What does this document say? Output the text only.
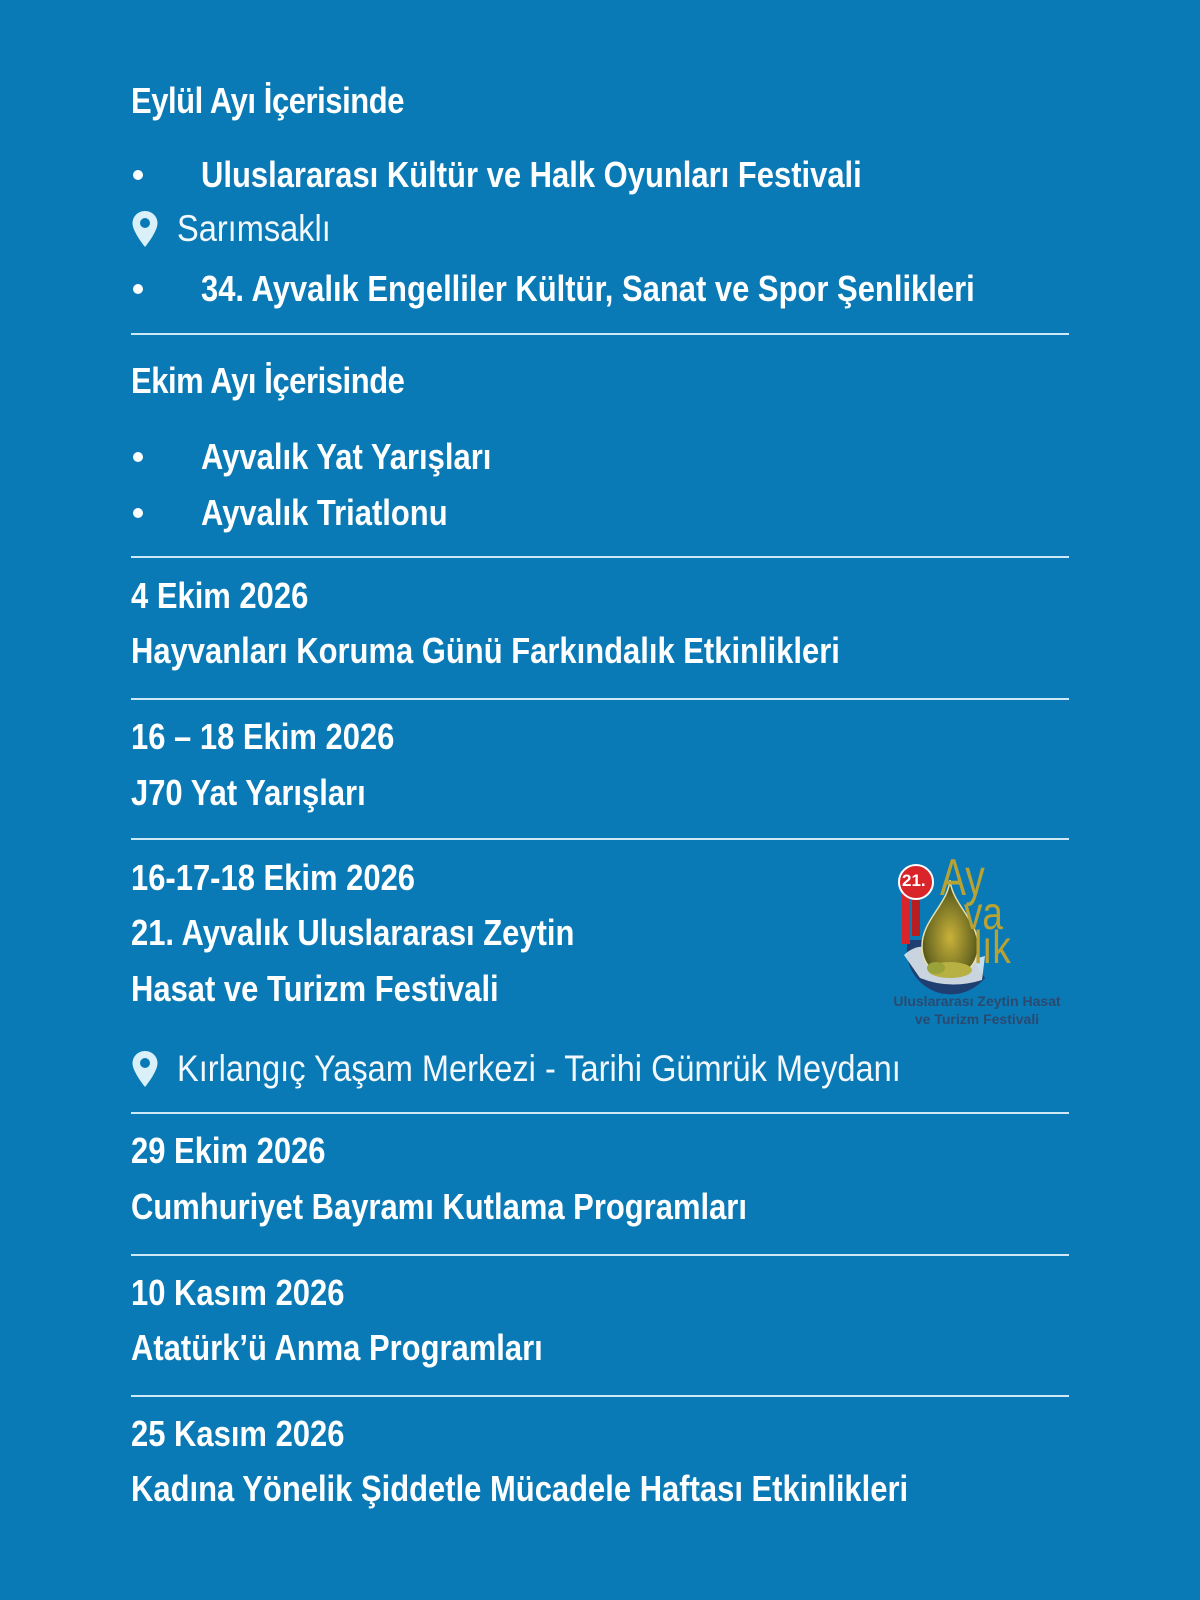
Eylül Ayı İçerisinde
Uluslararası Kültür ve Halk Oyunları Festivali
Sarımsaklı
34. Ayvalık Engelliler Kültür, Sanat ve Spor Şenlikleri
Ekim Ayı İçerisinde
Ayvalık Yat Yarışları
Ayvalık Triatlonu
4 Ekim 2026
Hayvanları Koruma Günü Farkındalık Etkinlikleri
16 – 18 Ekim 2026
J70 Yat Yarışları
16-17-18 Ekim 2026
21. Ayvalık Uluslararası Zeytin
Hasat ve Turizm Festivali
Kırlangıç Yaşam Merkezi - Tarihi Gümrük Meydanı
29 Ekim 2026
Cumhuriyet Bayramı Kutlama Programları
10 Kasım 2026
Atatürk’ü Anma Programları
25 Kasım 2026
Kadına Yönelik Şiddetle Mücadele Haftası Etkinlikleri
21. Ay
va
lık
Uluslararası Zeytin Hasat
ve Turizm Festivali
